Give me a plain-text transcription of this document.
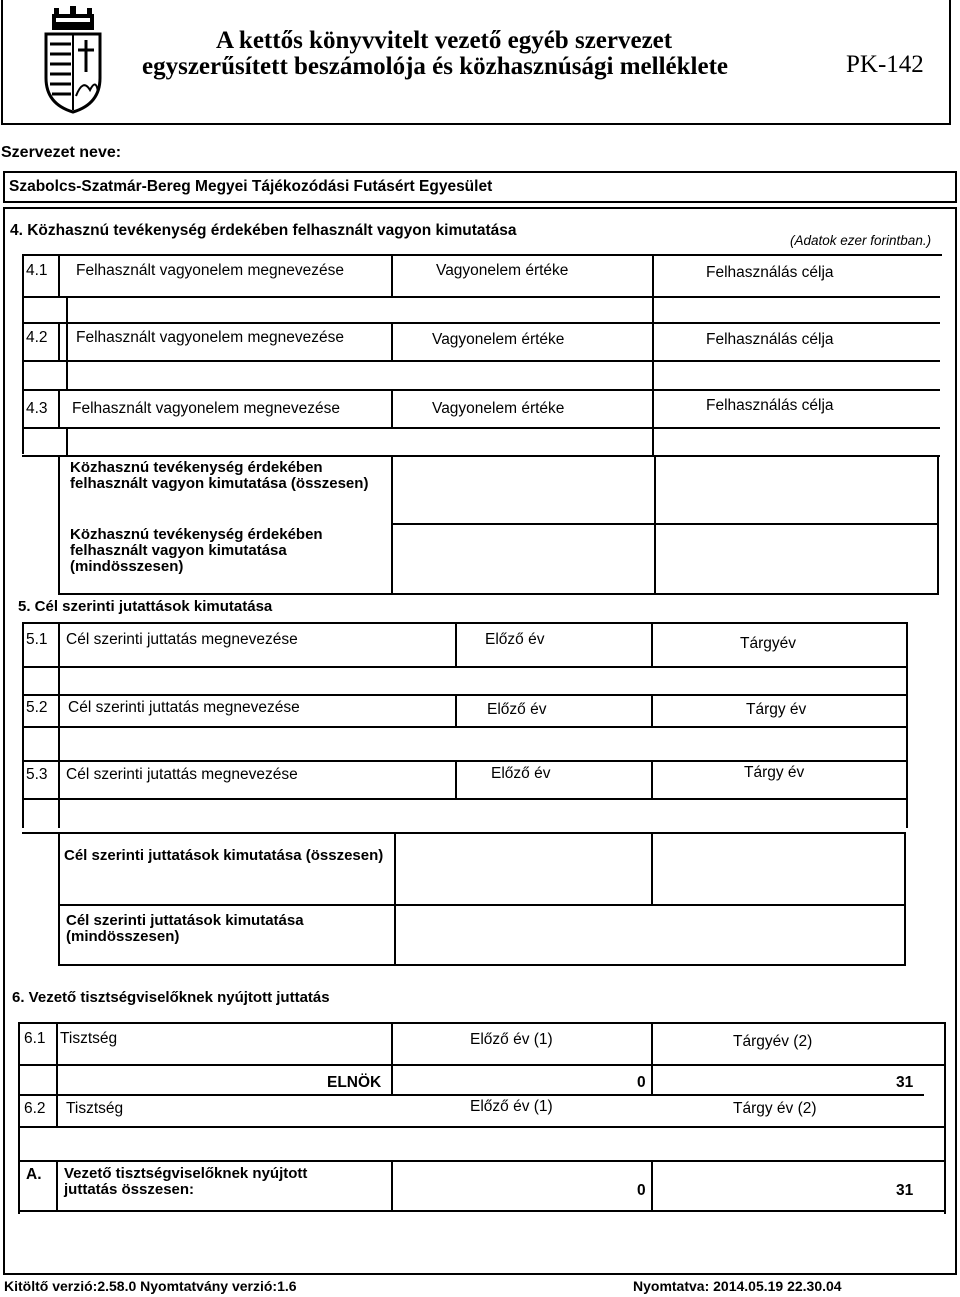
A kettős könyvvitelt vezető egyéb szervezet
egyszerűsített beszámolója és közhasznúsági melléklete	PK-142
Szervezet neve:
Szabolcs-Szatmár-Bereg Megyei Tájékozódási Futásért Egyesület
4. Közhasznú tevékenység érdekében felhasznált vagyon kimutatása
(Adatok ezer forintban.)
4.1 Felhasznált vagyonelem megnevezése	Vagyonelem értéke	Felhasználás célja
4.2 Felhasznált vagyonelem megnevezése	Vagyonelem értéke	Felhasználás célja
4.3 Felhasznált vagyonelem megnevezése	Vagyonelem értéke	Felhasználás célja
Közhasznú tevékenység érdekében felhasznált vagyon kimutatása (összesen)
Közhasznú tevékenység érdekében felhasznált vagyon kimutatása (mindösszesen)
5. Cél szerinti jutattások kimutatása
5.1 Cél szerinti juttatás megnevezése	Előző év	Tárgyév
5.2 Cél szerinti juttatás megnevezése	Előző év	Tárgy év
5.3 Cél szerinti jutattás megnevezése	Előző év	Tárgy év
Cél szerinti juttatások kimutatása (összesen)
Cél szerinti juttatások kimutatása (mindösszesen)
6. Vezető tisztségviselőknek nyújtott juttatás
6.1 Tisztség	Előző év (1)	Tárgyév (2)
ELNÖK	0	31
6.2 Tisztség	Előző év (1)	Tárgy év (2)
A. Vezető tisztségviselőknek nyújtott juttatás összesen:	0	31
Kitöltő verzió:2.58.0 Nyomtatvány verzió:1.6	Nyomtatva: 2014.05.19 22.30.04
